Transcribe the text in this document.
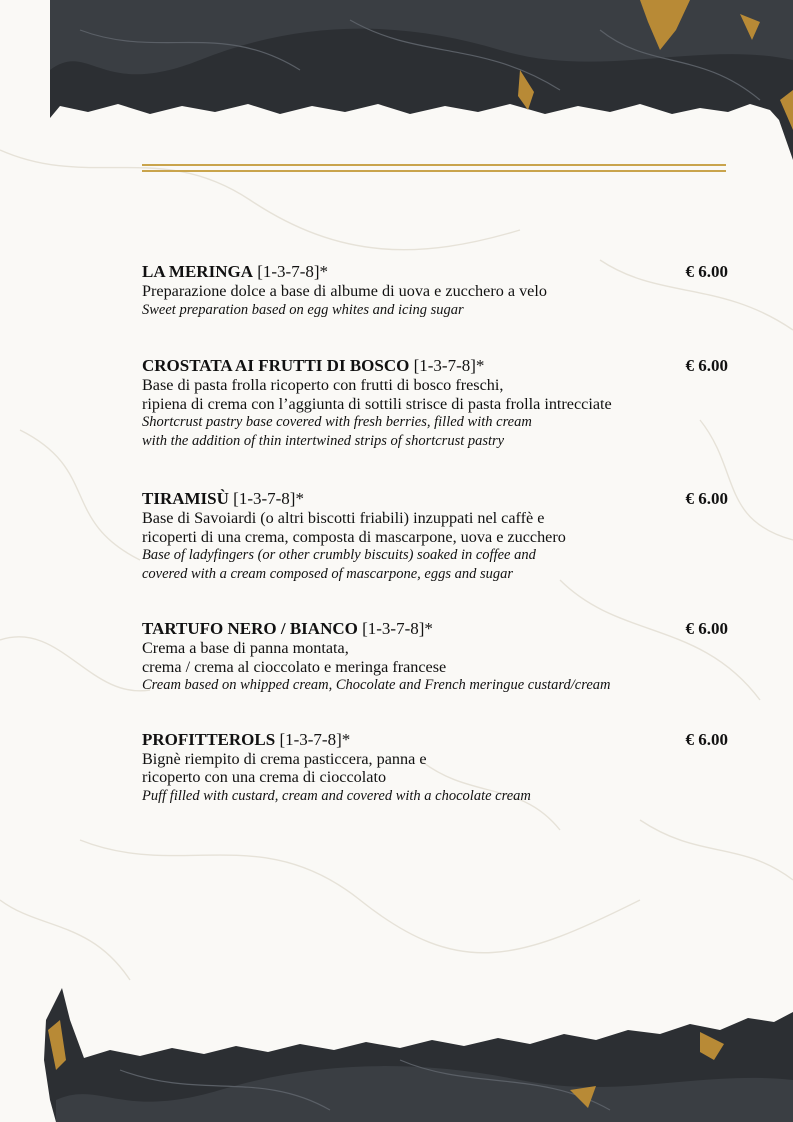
LA MERINGA [1-3-7-8]*	€ 6.00
Preparazione dolce a base di albume di uova e zucchero a velo
Sweet preparation based on egg whites and icing sugar
CROSTATA AI FRUTTI DI BOSCO [1-3-7-8]*	€ 6.00
Base di pasta frolla ricoperto con frutti di bosco freschi,
ripiena di crema con l’aggiunta di sottili strisce di pasta frolla intrecciate
Shortcrust pastry base covered with fresh berries, filled with cream
with the addition of thin intertwined strips of shortcrust pastry
TIRAMISÙ [1-3-7-8]*	€ 6.00
Base di Savoiardi (o altri biscotti friabili) inzuppati nel caffè e
ricoperti di una crema, composta di mascarpone, uova e zucchero
Base of ladyfingers (or other crumbly biscuits) soaked in coffee and
covered with a cream composed of mascarpone, eggs and sugar
TARTUFO NERO / BIANCO [1-3-7-8]*	€ 6.00
Crema a base di panna montata,
crema / crema al cioccolato e meringa francese
Cream based on whipped cream, Chocolate and French meringue custard/cream
PROFITTEROLS [1-3-7-8]*	€ 6.00
Bignè riempito di crema pasticcera, panna e
ricoperto con una crema di cioccolato
Puff filled with custard, cream and covered with a chocolate cream
